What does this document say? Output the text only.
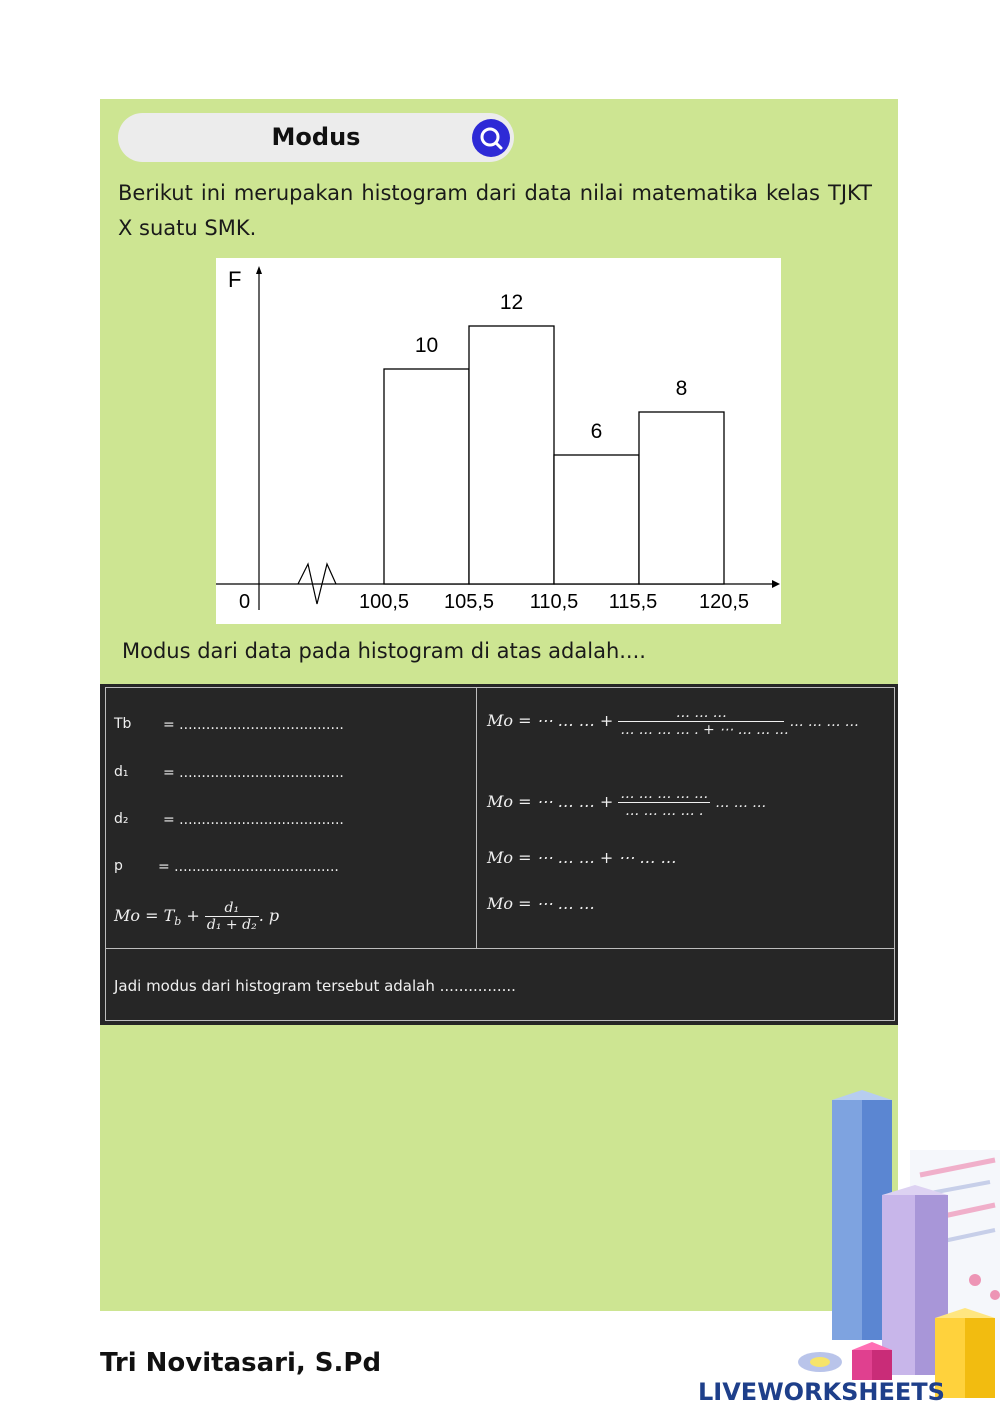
Modus
Berikut ini merupakan histogram dari data nilai matematika kelas TJKT X suatu SMK.
F
0
10
12
6
8
100,5 105,5 110,5 115,5 120,5
Modus dari data pada histogram di atas adalah....
Tb = .....................................
d₁ = .....................................
d₂ = .....................................
p	= .....................................
$Mo = T_b + \frac{\text{d₁}}{\text{d₁ + d₂}}$ . p
Mo = ⋯ … … + $\frac{\dots \dots \dots}{\dots \dots \dots \dots . + \cdots \dots \dots \dots}$ … … … …
Mo = ⋯ … … + $\frac{\dots \dots \dots \dots \dots}{\dots \dots \dots \dots .}$ … … …
Mo = ⋯ … … + ⋯ … …
Mo = ⋯ … …
Jadi modus dari histogram tersebut adalah ................
Tri Novitasari, S.Pd
LIVEWORKSHEETS
